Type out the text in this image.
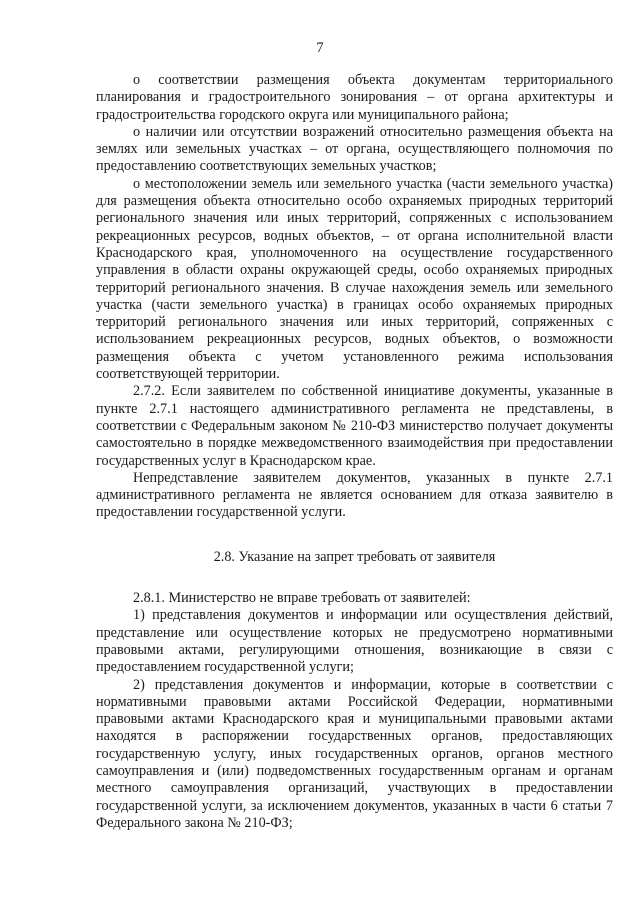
7

о соответствии размещения объекта документам территориального планирования и градостроительного зонирования – от органа архитектуры и градостроительства городского округа или муниципального района;

о наличии или отсутствии возражений относительно размещения объекта на землях или земельных участках – от органа, осуществляющего полномочия по предоставлению соответствующих земельных участков;

о местоположении земель или земельного участка (части земельного участка) для размещения объекта относительно особо охраняемых природных территорий регионального значения или иных территорий, сопряженных с использованием рекреационных ресурсов, водных объектов, – от органа исполнительной власти Краснодарского края, уполномоченного на осуществление государственного управления в области охраны окружающей среды, особо охраняемых природных территорий регионального значения. В случае нахождения земель или земельного участка (части земельного участка) в границах особо охраняемых природных территорий регионального значения или иных территорий, сопряженных с использованием рекреационных ресурсов, водных объектов, о возможности размещения объекта с учетом установленного режима использования соответствующей территории.

2.7.2. Если заявителем по собственной инициативе документы, указанные в пункте 2.7.1 настоящего административного регламента не представлены, в соответствии с Федеральным законом № 210-ФЗ министерство получает документы самостоятельно в порядке межведомственного взаимодействия при предоставлении государственных услуг в Краснодарском крае.

Непредставление заявителем документов, указанных в пункте 2.7.1 административного регламента не является основанием для отказа заявителю в предоставлении государственной услуги.

2.8. Указание на запрет требовать от заявителя

2.8.1. Министерство не вправе требовать от заявителей:

1) представления документов и информации или осуществления действий, представление или осуществление которых не предусмотрено нормативными правовыми актами, регулирующими отношения, возникающие в связи с предоставлением государственной услуги;

2) представления документов и информации, которые в соответствии с нормативными правовыми актами Российской Федерации, нормативными правовыми актами Краснодарского края и муниципальными правовыми актами находятся в распоряжении государственных органов, предоставляющих государственную услугу, иных государственных органов, органов местного самоуправления и (или) подведомственных государственным органам и органам местного самоуправления организаций, участвующих в предоставлении государственной услуги, за исключением документов, указанных в части 6 статьи 7 Федерального закона № 210-ФЗ;
